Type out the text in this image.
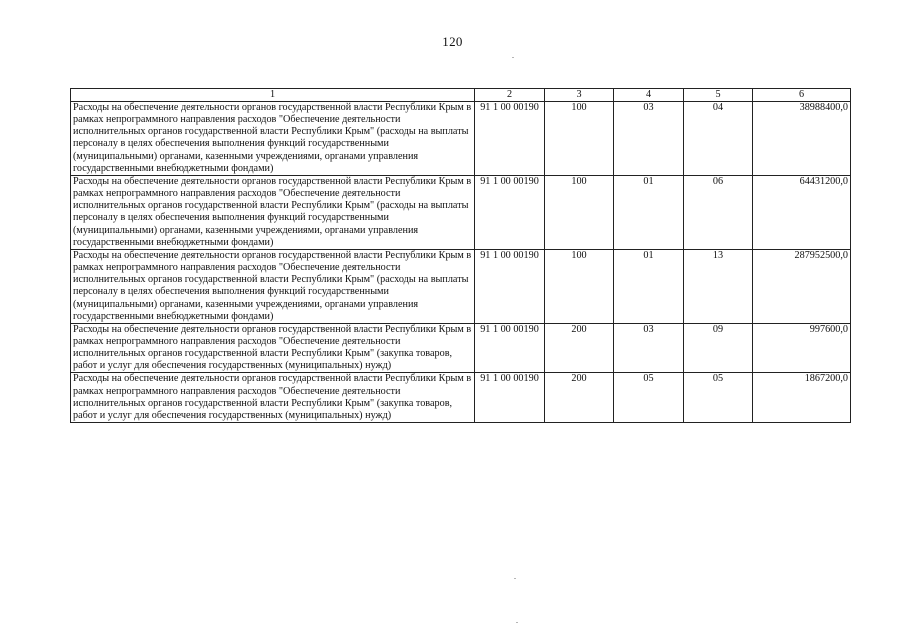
120
1	2	3	4	5	6
Расходы на обеспечение деятельности органов государственной власти Республики Крым в рамках непрограммного направления расходов "Обеспечение деятельности исполнительных органов государственной власти Республики Крым" (расходы на выплаты персоналу в целях обеспечения выполнения функций государственными (муниципальными) органами, казенными учреждениями, органами управления государственными внебюджетными фондами)	91 1 00 00190	100	03	04	38988400,0
Расходы на обеспечение деятельности органов государственной власти Республики Крым в рамках непрограммного направления расходов "Обеспечение деятельности исполнительных органов государственной власти Республики Крым" (расходы на выплаты персоналу в целях обеспечения выполнения функций государственными (муниципальными) органами, казенными учреждениями, органами управления государственными внебюджетными фондами)	91 1 00 00190	100	01	06	64431200,0
Расходы на обеспечение деятельности органов государственной власти Республики Крым в рамках непрограммного направления расходов "Обеспечение деятельности исполнительных органов государственной власти Республики Крым" (расходы на выплаты персоналу в целях обеспечения выполнения функций государственными (муниципальными) органами, казенными учреждениями, органами управления государственными внебюджетными фондами)	91 1 00 00190	100	01	13	287952500,0
Расходы на обеспечение деятельности органов государственной власти Республики Крым в рамках непрограммного направления расходов "Обеспечение деятельности исполнительных органов государственной власти Республики Крым" (закупка товаров, работ и услуг для обеспечения государственных (муниципальных) нужд)	91 1 00 00190	200	03	09	997600,0
Расходы на обеспечение деятельности органов государственной власти Республики Крым в рамках непрограммного направления расходов "Обеспечение деятельности исполнительных органов государственной власти Республики Крым" (закупка товаров, работ и услуг для обеспечения государственных (муниципальных) нужд)	91 1 00 00190	200	05	05	1867200,0
